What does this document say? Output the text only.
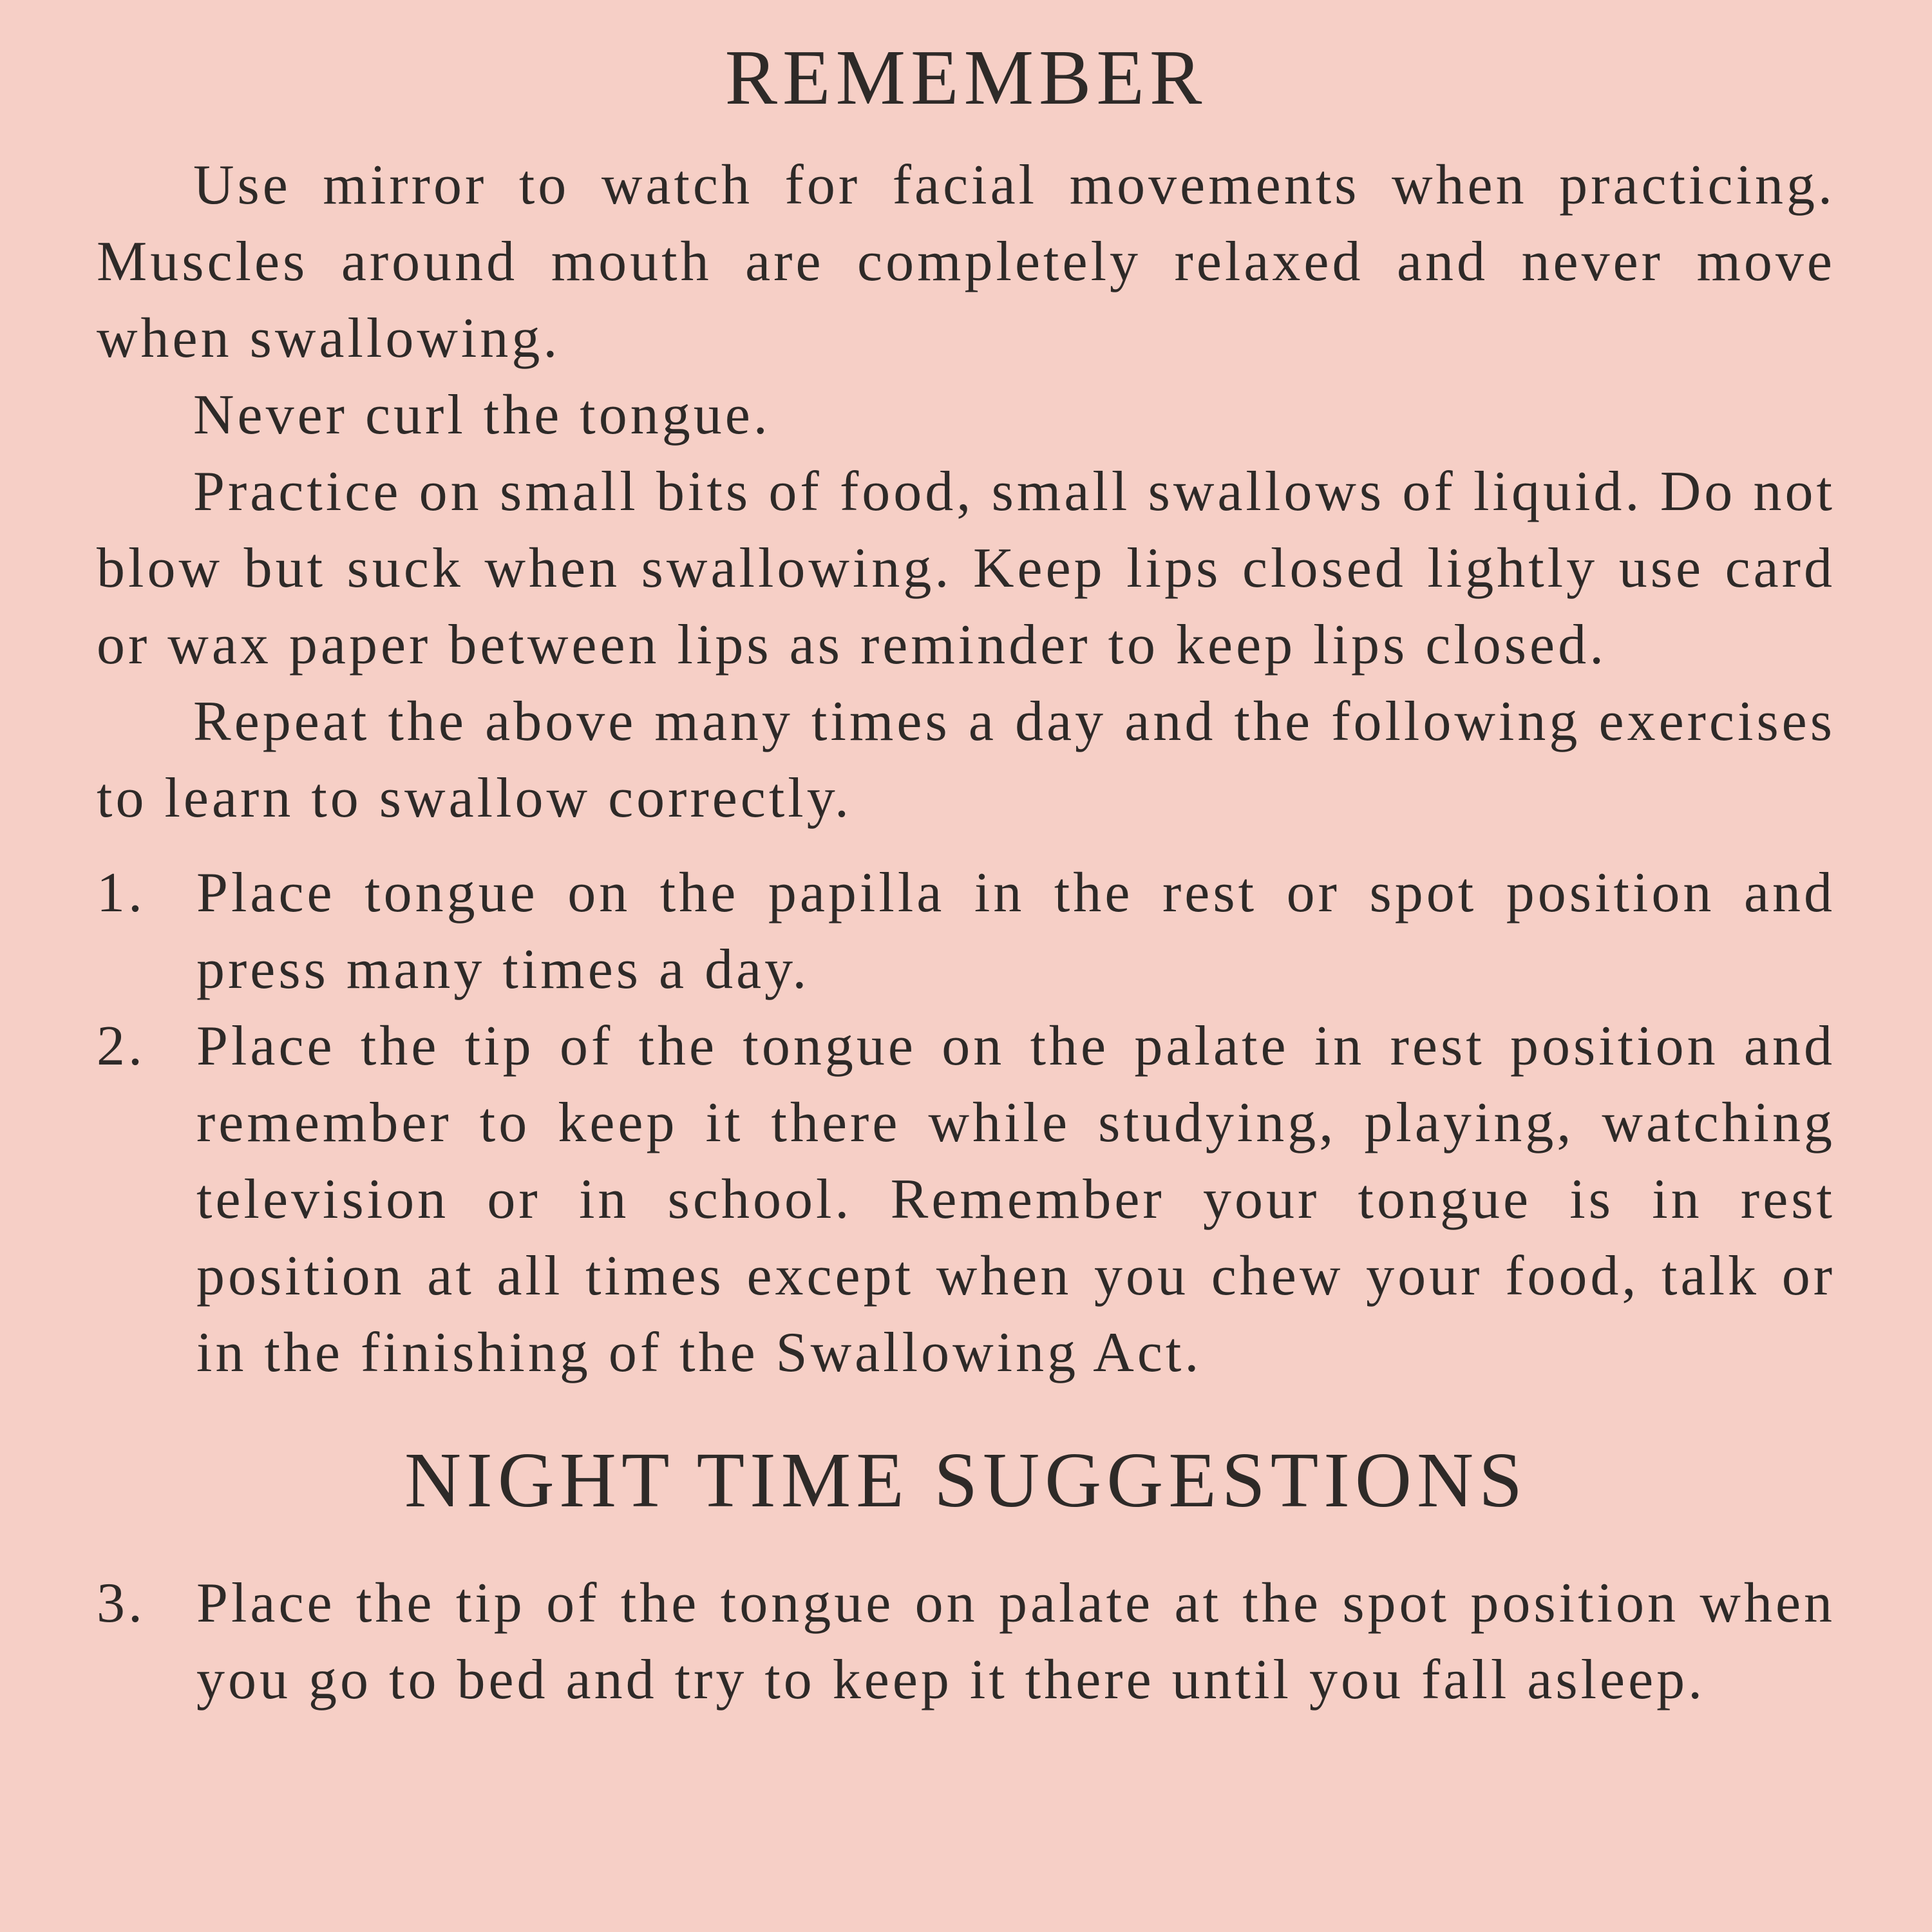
REMEMBER

Use mirror to watch for facial movements when practicing. Muscles around mouth are completely relaxed and never move when swallowing.

Never curl the tongue.

Practice on small bits of food, small swallows of liquid. Do not blow but suck when swallowing. Keep lips closed lightly use card or wax paper between lips as reminder to keep lips closed.

Repeat the above many times a day and the following exercises to learn to swallow correctly.

1. Place tongue on the papilla in the rest or spot position and press many times a day.
2. Place the tip of the tongue on the palate in rest position and remember to keep it there while studying, playing, watching television or in school. Remember your tongue is in rest position at all times except when you chew your food, talk or in the finishing of the Swallowing Act.
NIGHT TIME SUGGESTIONS
3. Place the tip of the tongue on palate at the spot position when you go to bed and try to keep it there until you fall asleep.
